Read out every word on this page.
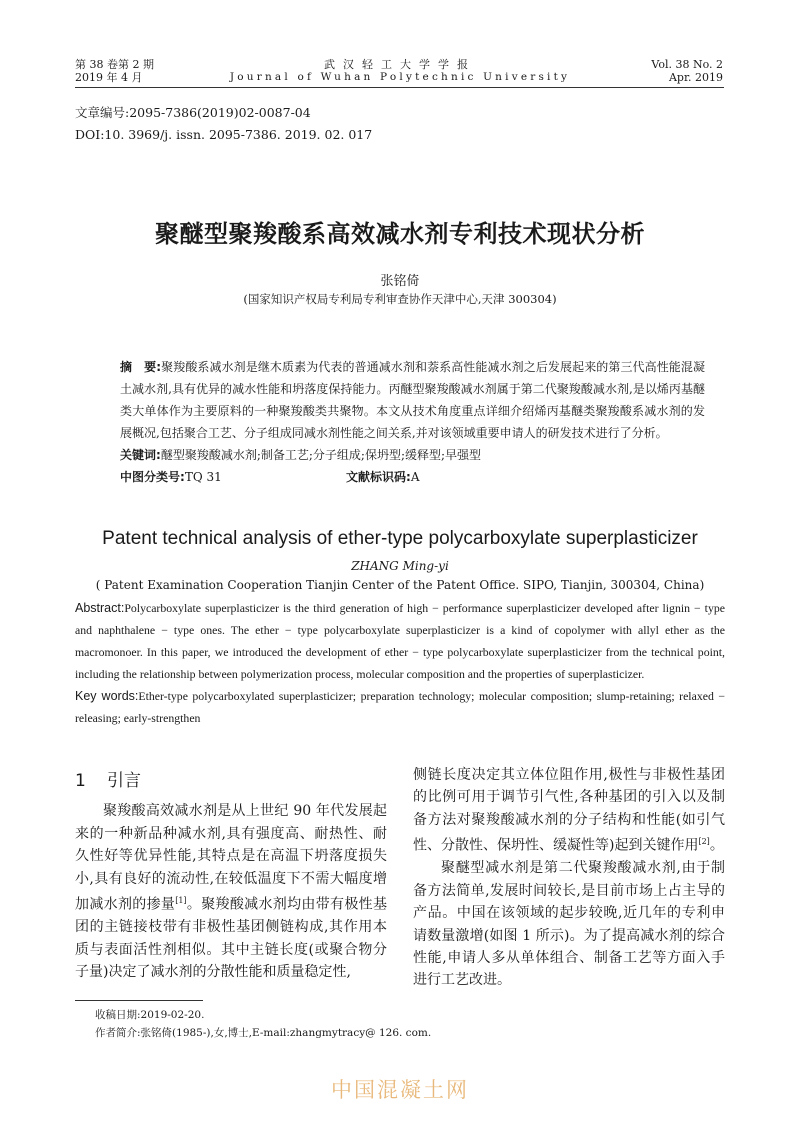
第 38 卷第 2 期
2019 年 4 月
武汉轻工大学学报
Journal of Wuhan Polytechnic University
Vol. 38 No. 2
Apr. 2019
文章编号:2095-7386(2019)02-0087-04
DOI:10. 3969/j. issn. 2095-7386. 2019. 02. 017
聚醚型聚羧酸系高效减水剂专利技术现状分析
张铭倚
(国家知识产权局专利局专利审查协作天津中心,天津 300304)

摘　要:聚羧酸系减水剂是继木质素为代表的普通减水剂和萘系高性能减水剂之后发展起来的第三代高性能混凝土减水剂,具有优异的减水性能和坍落度保持能力。丙醚型聚羧酸减水剂属于第二代聚羧酸减水剂,是以烯丙基醚类大单体作为主要原料的一种聚羧酸类共聚物。本文从技术角度重点详细介绍烯丙基醚类聚羧酸系减水剂的发展概况,包括聚合工艺、分子组成同减水剂性能之间关系,并对该领域重要申请人的研发技术进行了分析。

关键词:醚型聚羧酸减水剂;制备工艺;分子组成;保坍型;缓释型;早强型

中图分类号:TQ 31	文献标识码:A
Patent technical analysis of ether-type polycarboxylate superplasticizer
ZHANG Ming-yi
( Patent Examination Cooperation Tianjin Center of the Patent Office. SIPO, Tianjin, 300304, China)

Abstract:Polycarboxylate superplasticizer is the third generation of high − performance superplasticizer developed after lignin − type and naphthalene − type ones. The ether − type polycarboxylate superplasticizer is a kind of copolymer with allyl ether as the macromonoer. In this paper, we introduced the development of ether − type polycarboxylate superplasticizer from the technical point, including the relationship between polymerization process, molecular composition and the properties of superplasticizer.

Key words:Ether-type polycarboxylated superplasticizer; preparation technology; molecular composition; slump-retaining; relaxed − releasing; early-strengthen

1 引言

聚羧酸高效减水剂是从上世纪 90 年代发展起来的一种新品种减水剂,具有强度高、耐热性、耐久性好等优异性能,其特点是在高温下坍落度损失小,具有良好的流动性,在较低温度下不需大幅度增加减水剂的掺量[1]。聚羧酸减水剂均由带有极性基团的主链接枝带有非极性基团侧链构成,其作用本质与表面活性剂相似。其中主链长度(或聚合物分子量)决定了减水剂的分散性能和质量稳定性,

侧链长度决定其立体位阻作用,极性与非极性基团的比例可用于调节引气性,各种基团的引入以及制备方法对聚羧酸减水剂的分子结构和性能(如引气性、分散性、保坍性、缓凝性等)起到关键作用[2]。

聚醚型减水剂是第二代聚羧酸减水剂,由于制备方法简单,发展时间较长,是目前市场上占主导的产品。中国在该领域的起步较晚,近几年的专利申请数量激增(如图 1 所示)。为了提高减水剂的综合性能,申请人多从单体组合、制备工艺等方面入手进行工艺改进。

收稿日期:2019-02-20.
作者简介:张铭倚(1985-),女,博士,E-mail:zhangmytracy@ 126. com.
中国混凝土网
